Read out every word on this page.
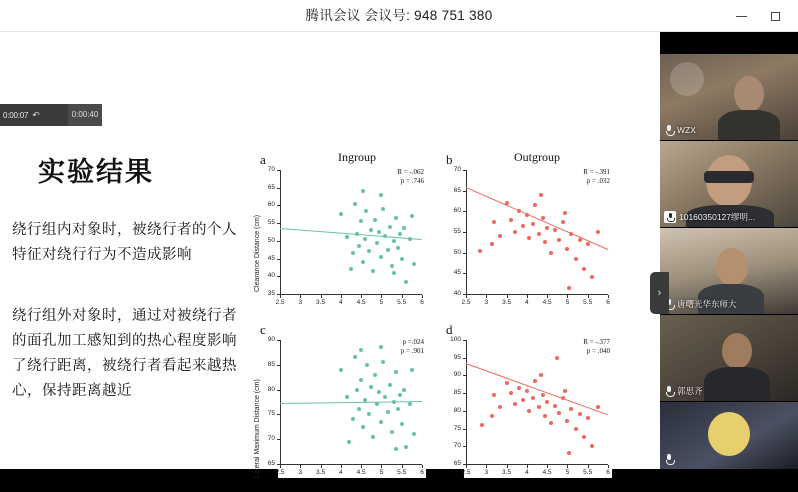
腾讯会议 会议号: 948 751 380
实验结果
绕行组内对象时，被绕行者的个人特征对绕行行为不造成影响
绕行组外对象时，通过对被绕行者的面孔加工感知到的热心程度影响了绕行距离，被绕行者看起来越热心，保持距离越近
Ingroup	Outgroup
a	b
c	d
Clearance Distance (cm)
R = -.062
p = .746
35
40
45
50
55
60
65
70
2.5	3	3.5	4	4.5	5	5.5	6
R = -.391
p = .032
40
45
50
55
60
65
70
2.5	3	3.5	4	4.5	5	5.5	6
Lateral Maximum Distance (cm)
p =.024
p = .901
65
70
75
80
85
90
2.5	3	3.5	4	4.5	5	5.5	6
R = -.377
p = .040
65
70
75
80
85
90
95
100
2.5	3	3.5	4	4.5	5	5.5	6
0:00:07 ↶	0:00:40
›
WZX
10160350127缪明...
唐曙光华东师大
郭思齐
